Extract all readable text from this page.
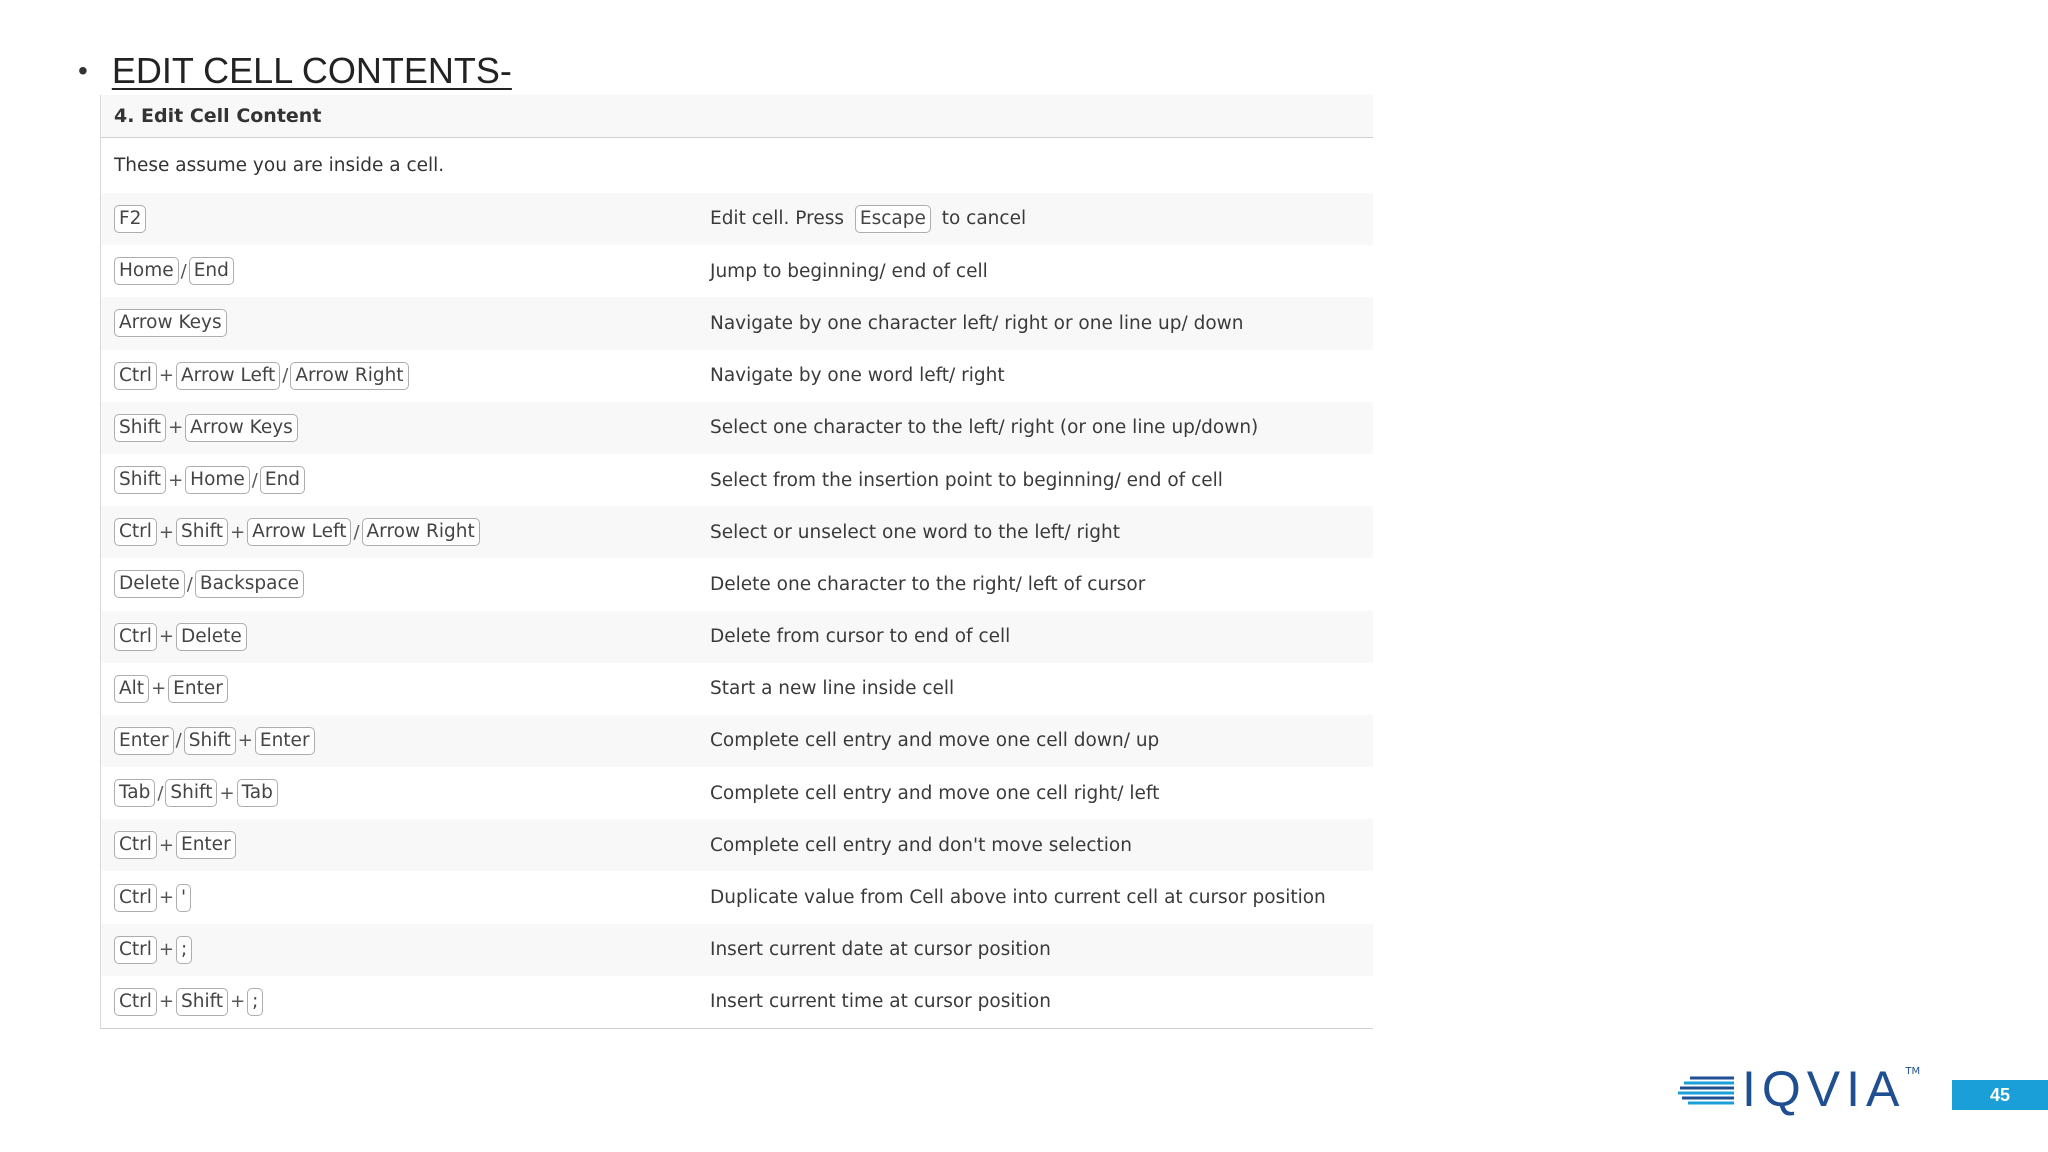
• EDIT CELL CONTENTS-
4. Edit Cell Content
These assume you are inside a cell.
F2	Edit cell. Press Escape to cancel
Home / End	Jump to beginning/ end of cell
Arrow Keys	Navigate by one character left/ right or one line up/ down
Ctrl + Arrow Left / Arrow Right	Navigate by one word left/ right
Shift + Arrow Keys	Select one character to the left/ right (or one line up/down)
Shift + Home / End	Select from the insertion point to beginning/ end of cell
Ctrl + Shift + Arrow Left / Arrow Right	Select or unselect one word to the left/ right
Delete / Backspace	Delete one character to the right/ left of cursor
Ctrl + Delete	Delete from cursor to end of cell
Alt + Enter	Start a new line inside cell
Enter / Shift + Enter	Complete cell entry and move one cell down/ up
Tab / Shift + Tab	Complete cell entry and move one cell right/ left
Ctrl + Enter	Complete cell entry and don't move selection
Ctrl + '	Duplicate value from Cell above into current cell at cursor position
Ctrl + ;	Insert current date at cursor position
Ctrl + Shift + ;	Insert current time at cursor position
IQVIA TM
45
